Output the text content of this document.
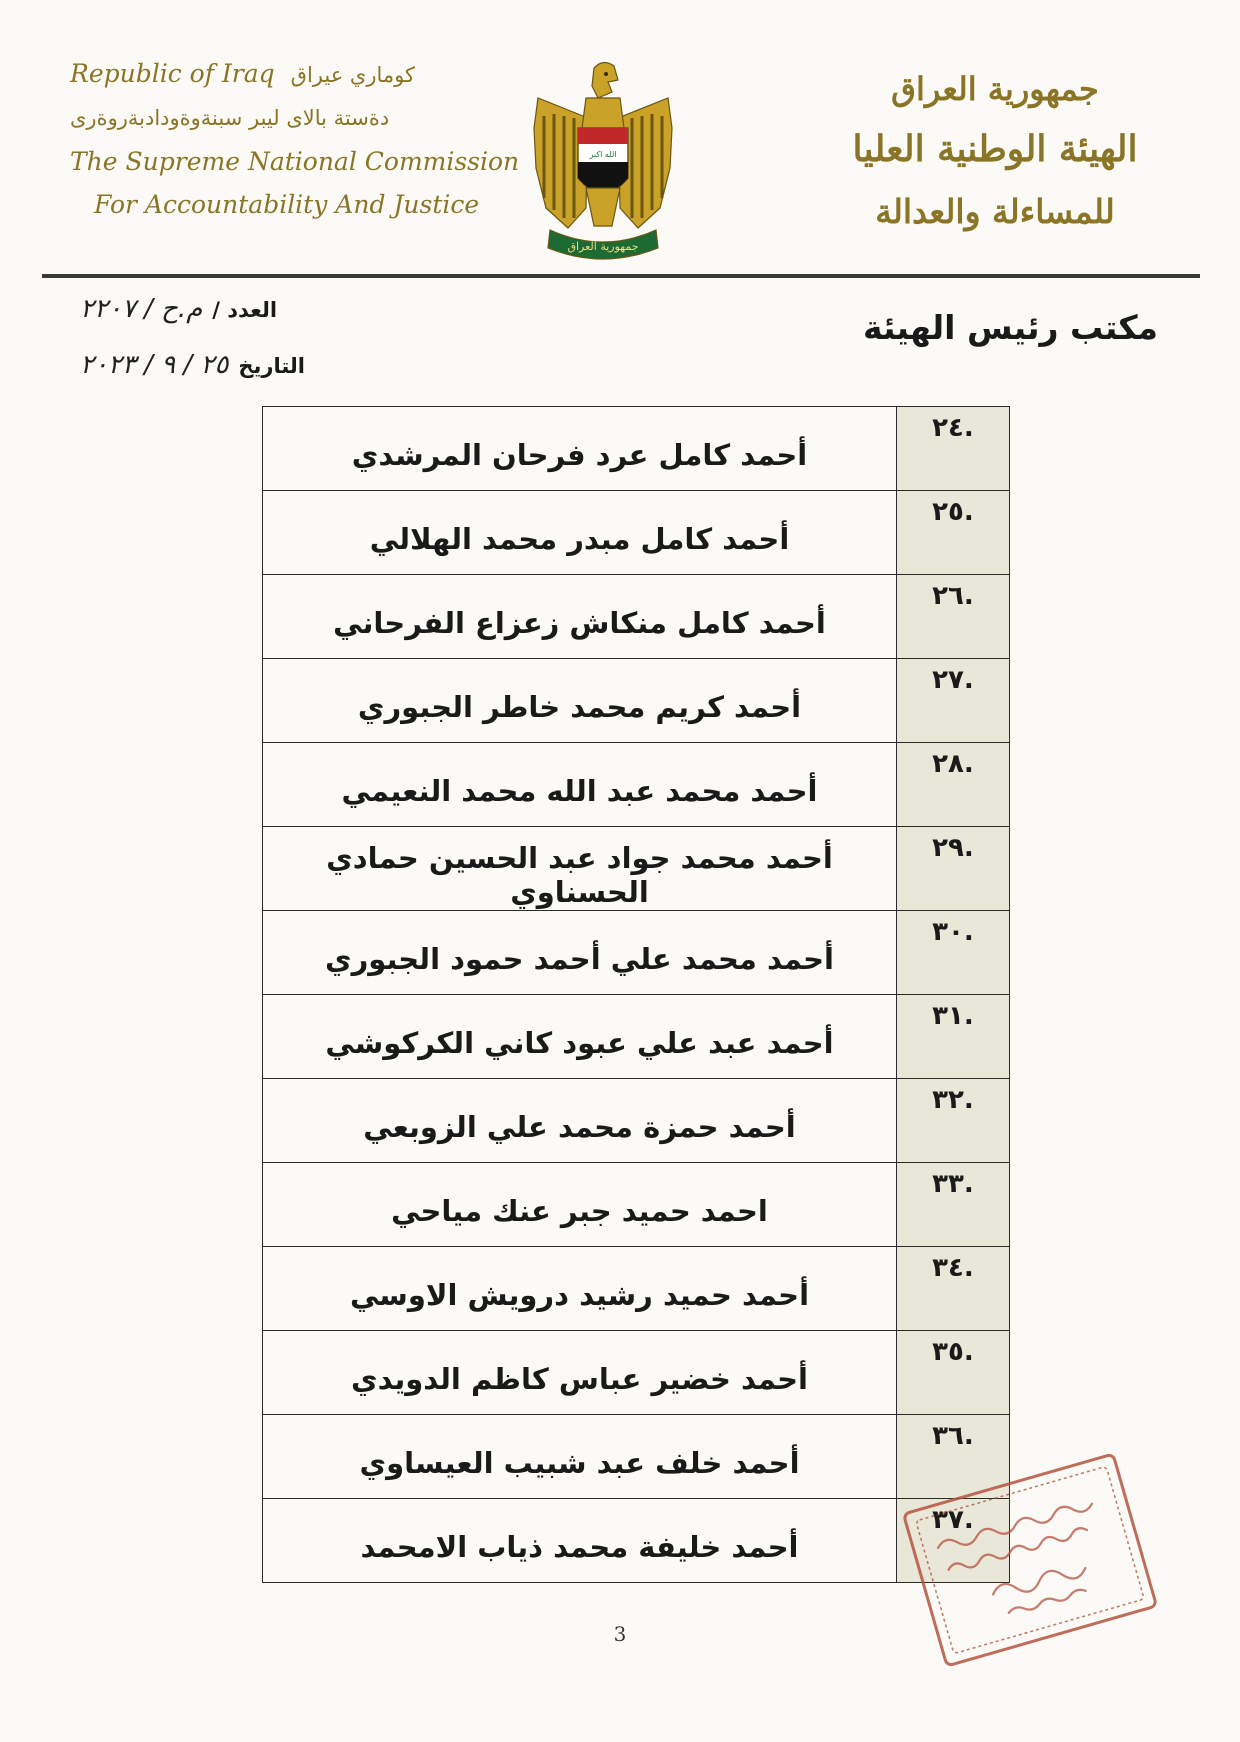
Republic of Iraq كوماري عيراق
دةستة بالاى ليبر سبنةوةودادبةروةرى
The Supreme National Commission
For Accountability And Justice
الله اكبر
جمهورية العراق
جمهورية العراق
الهيئة الوطنية العليا
للمساءلة والعدالة
مكتب رئيس الهيئة
العدد /
م.ح / ٢٢٠٧
التاريخ
٢٥ / ٩ / ٢٠٢٣
.٢٤	أحمد كامل عرد فرحان المرشدي
.٢٥	أحمد كامل مبدر محمد الهلالي
.٢٦	أحمد كامل منكاش زعزاع الفرحاني
.٢٧	أحمد كريم محمد خاطر الجبوري
.٢٨	أحمد محمد عبد الله محمد النعيمي
.٢٩	أحمد محمد جواد عبد الحسين حمادي الحسناوي
.٣٠	أحمد محمد علي أحمد حمود الجبوري
.٣١	أحمد عبد علي عبود كاني الكركوشي
.٣٢	أحمد حمزة محمد علي الزوبعي
.٣٣	احمد حميد جبر عنك مياحي
.٣٤	أحمد حميد رشيد درويش الاوسي
.٣٥	أحمد خضير عباس كاظم الدويدي
.٣٦	أحمد خلف عبد شبيب العيساوي
.٣٧	أحمد خليفة محمد ذياب الامحمد
3
